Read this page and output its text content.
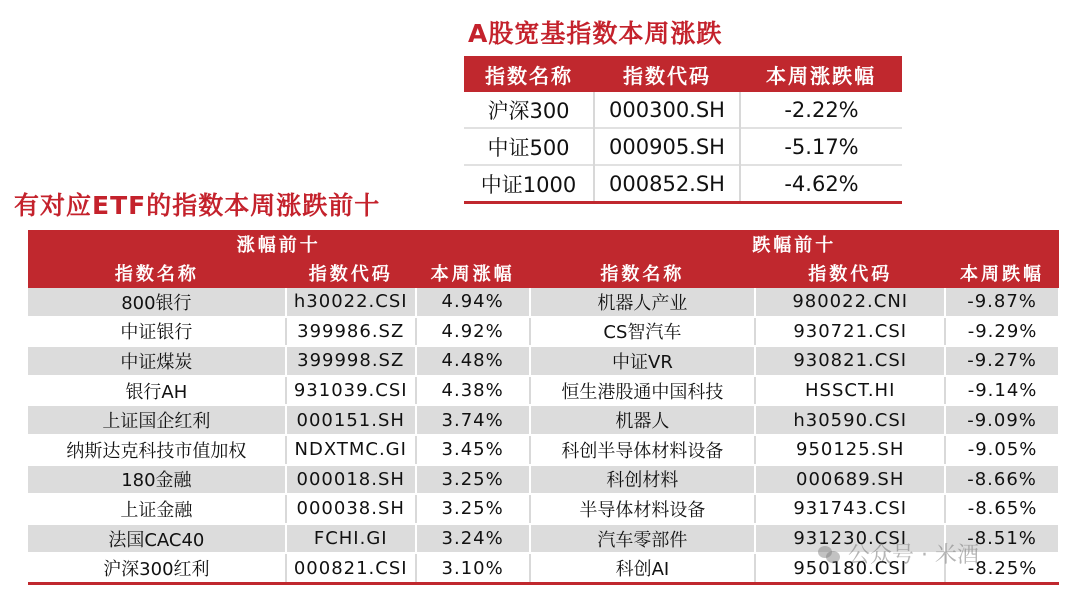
A股宽基指数本周涨跌
指数名称	指数代码	本周涨跌幅
沪深300	000300.SH	-2.22%
中证500	000905.SH	-5.17%
中证1000	000852.SH	-4.62%
有对应ETF的指数本周涨跌前十
涨幅前十			跌幅前十		
指数名称	指数代码	本周涨幅	指数名称	指数代码	本周跌幅
800银行	h30022.CSI	4.94%	机器人产业	980022.CNI	-9.87%
中证银行	399986.SZ	4.92%	CS智汽车	930721.CSI	-9.29%
中证煤炭	399998.SZ	4.48%	中证VR	930821.CSI	-9.27%
银行AH	931039.CSI	4.38%	恒生港股通中国科技	HSSCT.HI	-9.14%
上证国企红利	000151.SH	3.74%	机器人	h30590.CSI	-9.09%
纳斯达克科技市值加权	NDXTMC.GI	3.45%	科创半导体材料设备	950125.SH	-9.05%
180金融	000018.SH	3.25%	科创材料	000689.SH	-8.66%
上证金融	000038.SH	3.25%	半导体材料设备	931743.CSI	-8.65%
法国CAC40	FCHI.GI	3.24%	汽车零部件	931230.CSI	-8.51%
沪深300红利	000821.CSI	3.10%	科创AI	950180.CSI	-8.25%
公众号 · 米酒
